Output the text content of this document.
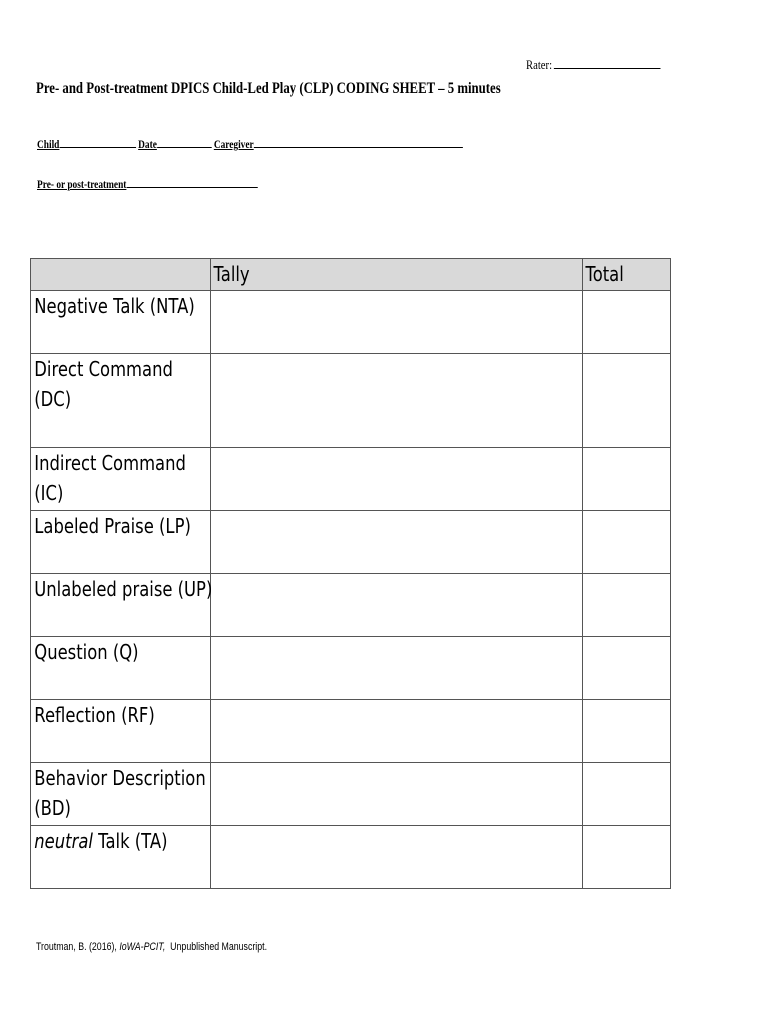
Rater:
Pre- and Post-treatment DPICS Child-Led Play (CLP) CODING SHEET – 5 minutes
Child	Date	Caregiver
Pre- or post-treatment

	Tally	Total

Negative Talk (NTA)		

Direct Command
(DC)		

Indirect Command
(IC)		

Labeled Praise (LP)		

Unlabeled praise (UP)		

Question (Q)		

Reflection (RF)		

Behavior Description
(BD)		

neutral Talk (TA)		

Troutman, B. (2016), IoWA-PCIT,  Unpublished Manuscript.
